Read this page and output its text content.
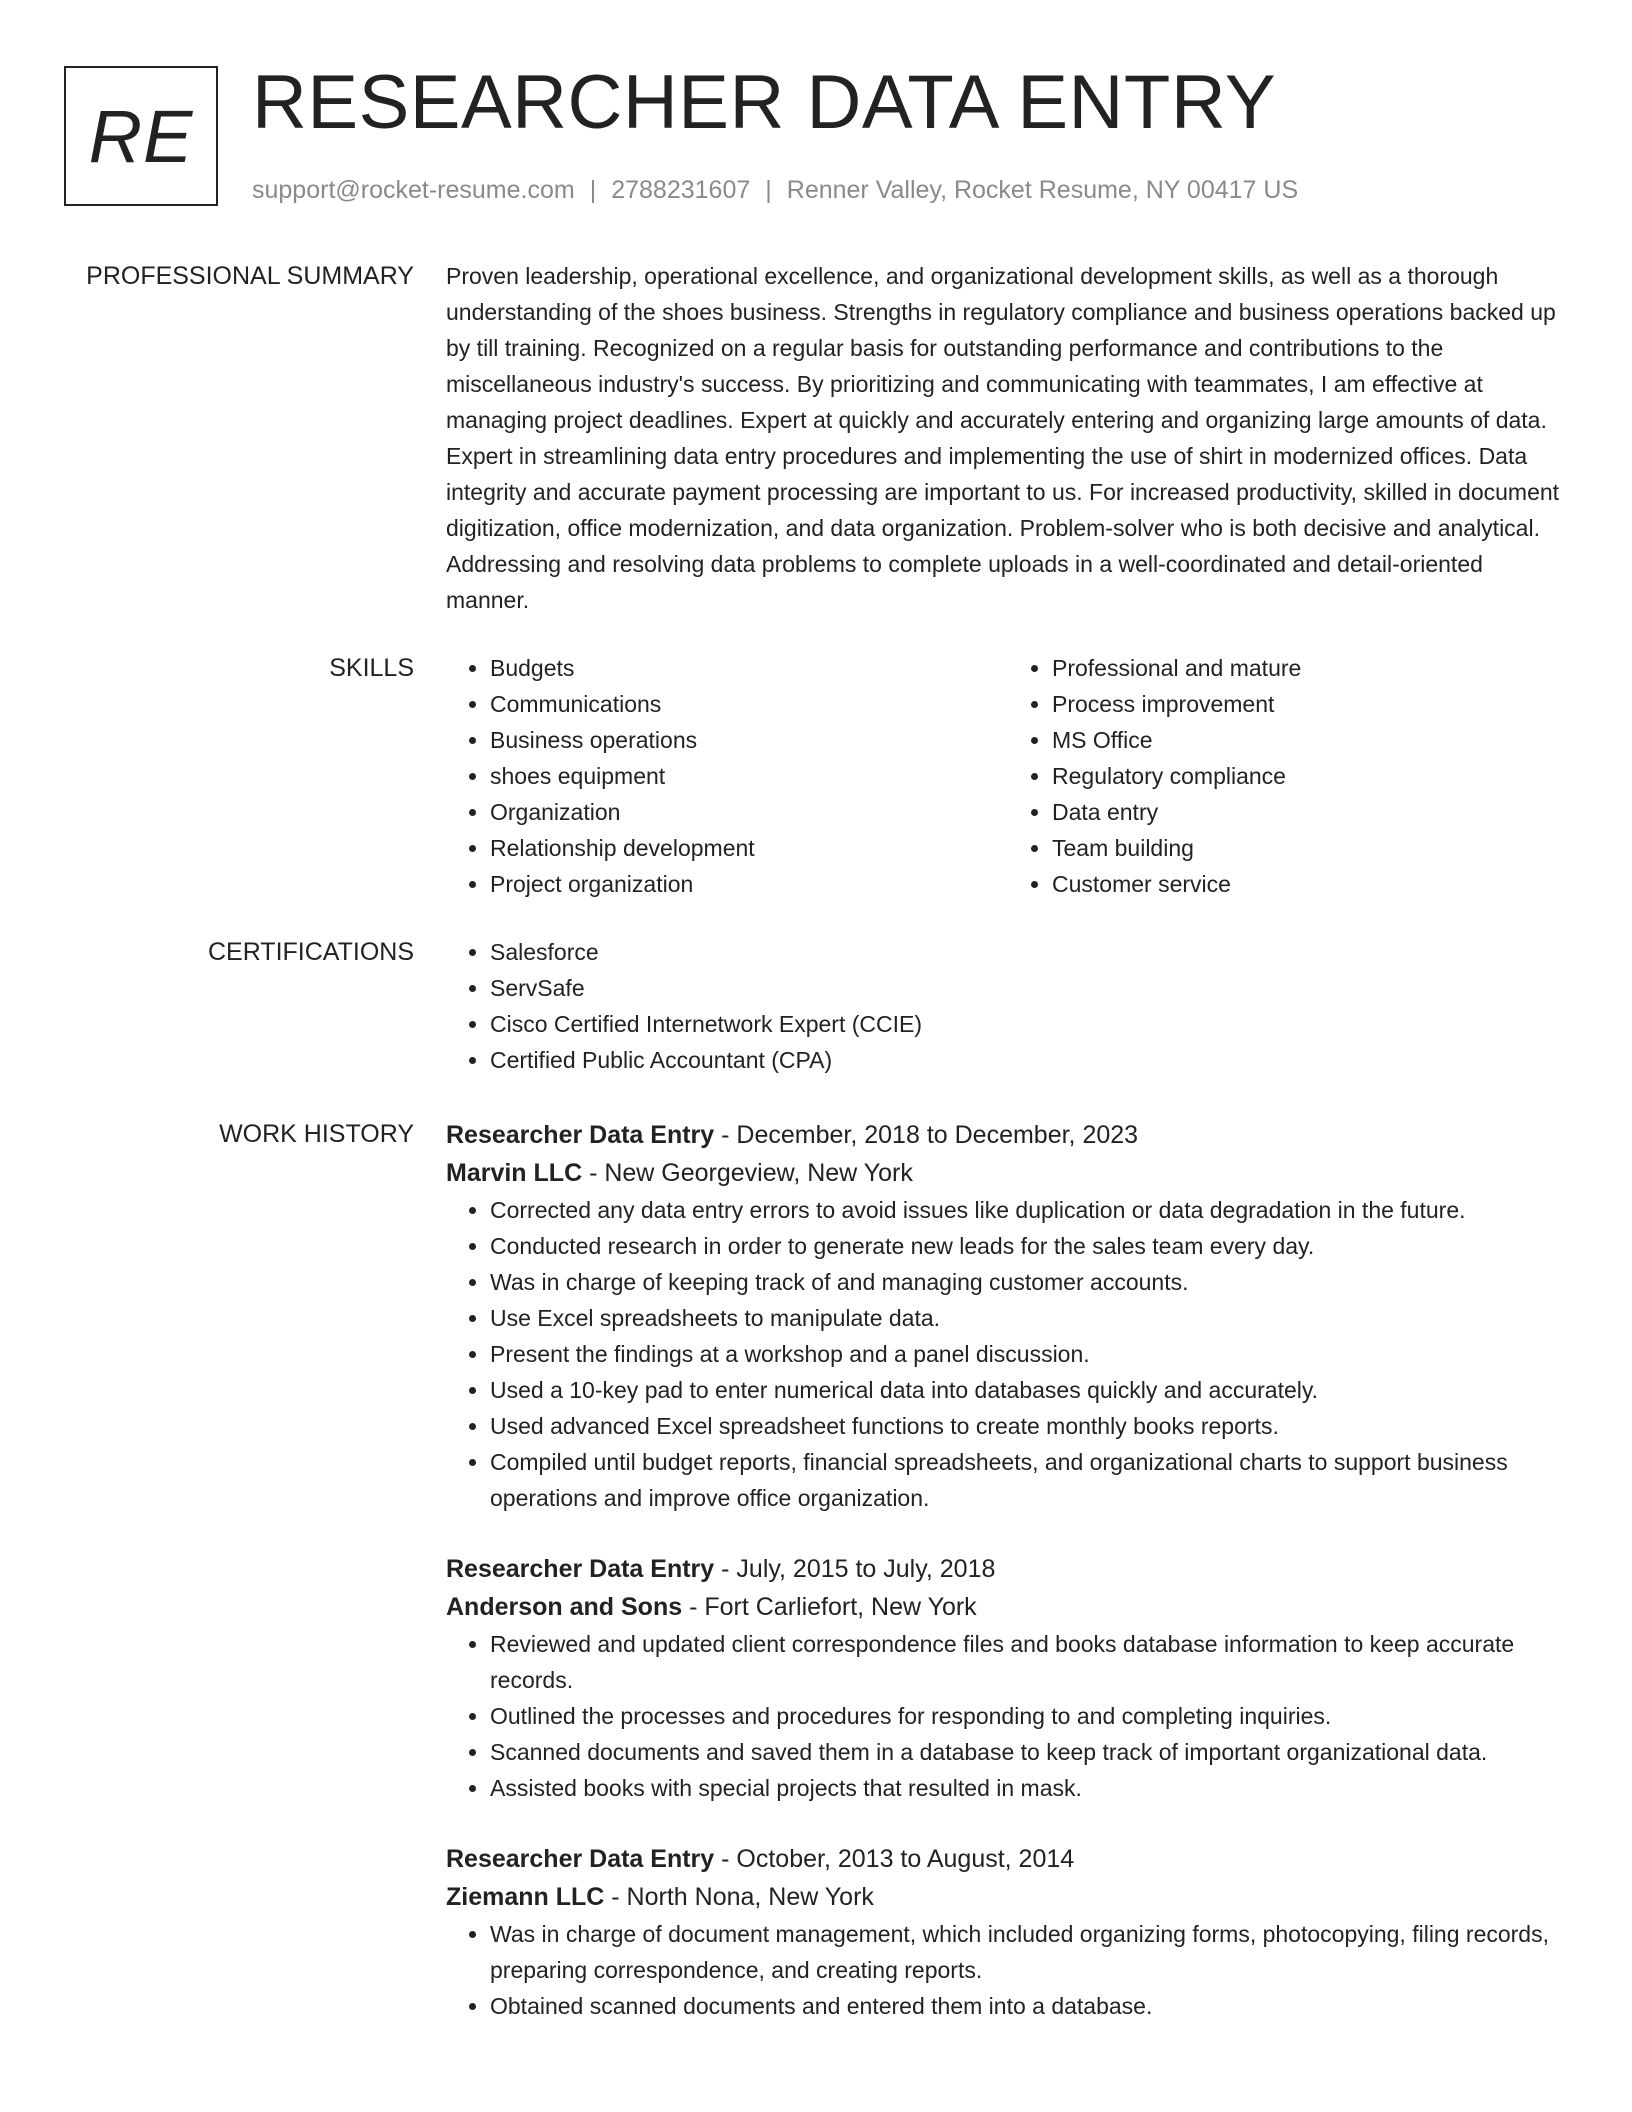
RE RESEARCHER DATA ENTRY
support@rocket-resume.com | 2788231607 | Renner Valley, Rocket Resume, NY 00417 US
PROFESSIONAL SUMMARY Proven leadership, operational excellence, and organizational development skills, as well as a thorough understanding of the shoes business. Strengths in regulatory compliance and business operations backed up by till training. Recognized on a regular basis for outstanding performance and contributions to the miscellaneous industry's success. By prioritizing and communicating with teammates, I am effective at managing project deadlines. Expert at quickly and accurately entering and organizing large amounts of data. Expert in streamlining data entry procedures and implementing the use of shirt in modernized offices. Data integrity and accurate payment processing are important to us. For increased productivity, skilled in document digitization, office modernization, and data organization. Problem-solver who is both decisive and analytical. Addressing and resolving data problems to complete uploads in a well-coordinated and detail-oriented manner.

SKILLS	• Budgets
• Communications
• Business operations
• shoes equipment
• Organization
• Relationship development
• Project organization
• Professional and mature
• Process improvement
• MS Office
• Regulatory compliance
• Data entry
• Team building
• Customer service
CERTIFICATIONS	• Salesforce
• ServSafe
• Cisco Certified Internetwork Expert (CCIE)
• Certified Public Accountant (CPA)
WORK HISTORY Researcher Data Entry - December, 2018 to December, 2023
Marvin LLC - New Georgeview, New York
• Corrected any data entry errors to avoid issues like duplication or data degradation in the future.
• Conducted research in order to generate new leads for the sales team every day.
• Was in charge of keeping track of and managing customer accounts.
• Use Excel spreadsheets to manipulate data.
• Present the findings at a workshop and a panel discussion.
• Used a 10-key pad to enter numerical data into databases quickly and accurately.
• Used advanced Excel spreadsheet functions to create monthly books reports.
• Compiled until budget reports, financial spreadsheets, and organizational charts to support business operations and improve office organization.
Researcher Data Entry - July, 2015 to July, 2018
Anderson and Sons - Fort Carliefort, New York
• Reviewed and updated client correspondence files and books database information to keep accurate records.
• Outlined the processes and procedures for responding to and completing inquiries.
• Scanned documents and saved them in a database to keep track of important organizational data.
• Assisted books with special projects that resulted in mask.
Researcher Data Entry - October, 2013 to August, 2014
Ziemann LLC - North Nona, New York
• Was in charge of document management, which included organizing forms, photocopying, filing records, preparing correspondence, and creating reports.
• Obtained scanned documents and entered them into a database.
